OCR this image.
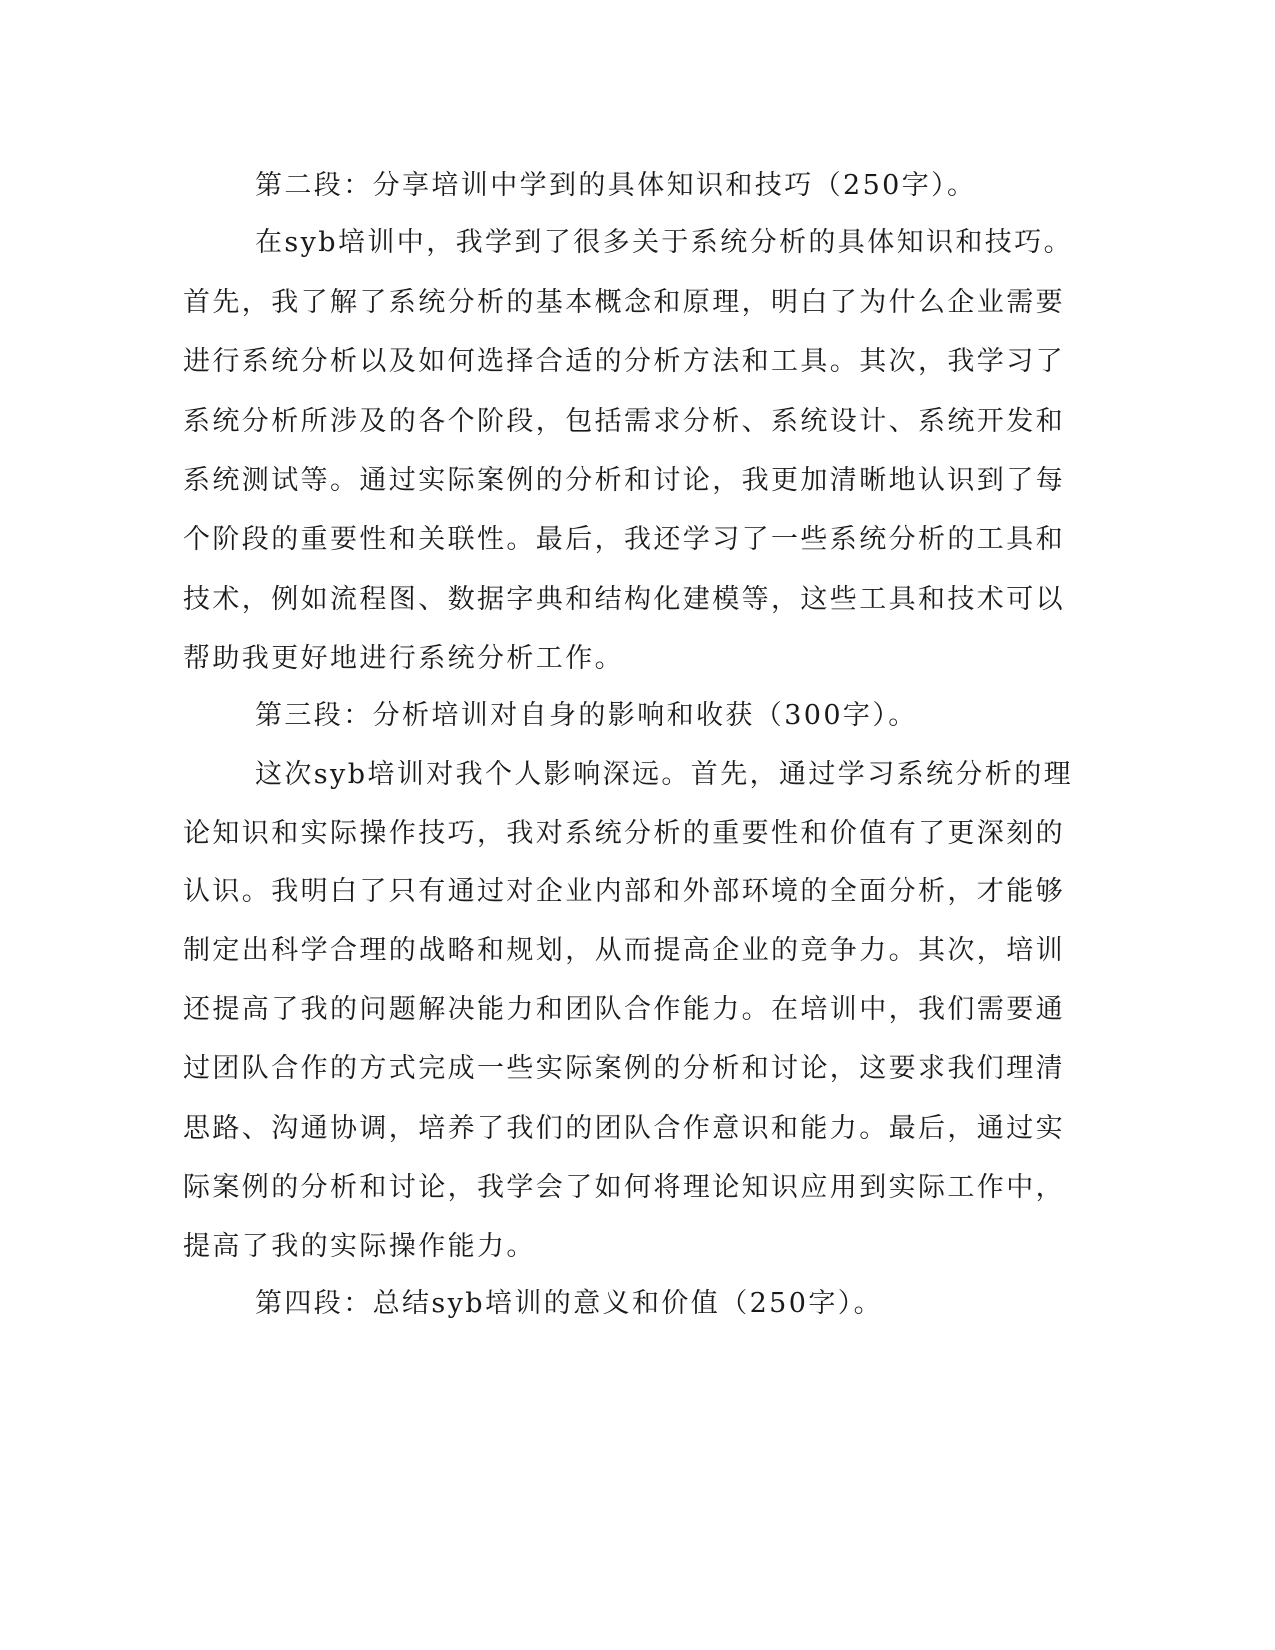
第二段：分享培训中学到的具体知识和技巧（250字）。

在syb培训中，我学到了很多关于系统分析的具体知识和技巧。

首先，我了解了系统分析的基本概念和原理，明白了为什么企业需要

进行系统分析以及如何选择合适的分析方法和工具。其次，我学习了

系统分析所涉及的各个阶段，包括需求分析、系统设计、系统开发和

系统测试等。通过实际案例的分析和讨论，我更加清晰地认识到了每

个阶段的重要性和关联性。最后，我还学习了一些系统分析的工具和

技术，例如流程图、数据字典和结构化建模等，这些工具和技术可以

帮助我更好地进行系统分析工作。

第三段：分析培训对自身的影响和收获（300字）。

这次syb培训对我个人影响深远。首先，通过学习系统分析的理

论知识和实际操作技巧，我对系统分析的重要性和价值有了更深刻的

认识。我明白了只有通过对企业内部和外部环境的全面分析，才能够

制定出科学合理的战略和规划，从而提高企业的竞争力。其次，培训

还提高了我的问题解决能力和团队合作能力。在培训中，我们需要通

过团队合作的方式完成一些实际案例的分析和讨论，这要求我们理清

思路、沟通协调，培养了我们的团队合作意识和能力。最后，通过实

际案例的分析和讨论，我学会了如何将理论知识应用到实际工作中，

提高了我的实际操作能力。

第四段：总结syb培训的意义和价值（250字）。
